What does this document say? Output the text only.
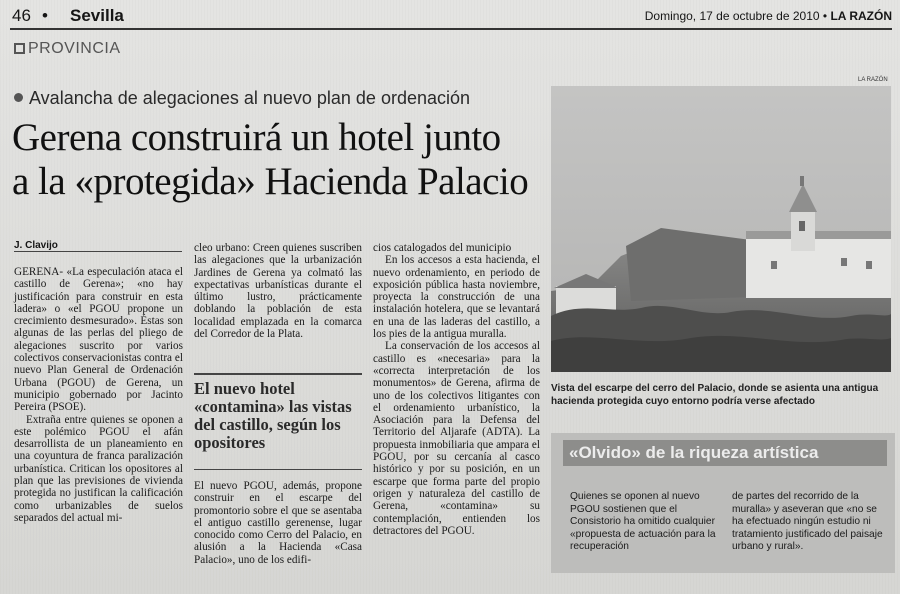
46 • Sevilla	Domingo, 17 de octubre de 2010 • LA RAZÓN
PROVINCIA
Avalancha de alegaciones al nuevo plan de ordenación
Gerena construirá un hotel junto
a la «protegida» Hacienda Palacio
J. Clavijo

GERENA- «La especulación ataca el castillo de Gerena»; «no hay justificación para construir en esta ladera» o «el PGOU propone un crecimiento desmesurado». Éstas son algunas de las perlas del pliego de alegaciones suscrito por varios colectivos conservacionistas contra el nuevo Plan General de Ordenación Urbana (PGOU) de Gerena, un municipio gobernado por Jacinto Pereira (PSOE).

Extraña entre quienes se oponen a este polémico PGOU el afán desarrollista de un planeamiento en una coyuntura de franca paralización urbanística. Critican los opositores al plan que las previsiones de vivienda protegida no justifican la calificación como urbanizables de suelos separados del actual mi-

cleo urbano: Creen quienes suscriben las alegaciones que la urbanización Jardines de Gerena ya colmató las expectativas urbanísticas durante el último lustro, prácticamente doblando la población de esta localidad emplazada en la comarca del Corredor de la Plata.

El nuevo hotel «contamina» las vistas del castillo, según los opositores

El nuevo PGOU, además, propone construir en el escarpe del promontorio sobre el que se asentaba el antiguo castillo gerenense, lugar conocido como Cerro del Palacio, en alusión a la Hacienda «Casa Palacio», uno de los edifi-

cios catalogados del municipio

En los accesos a esta hacienda, el nuevo ordenamiento, en periodo de exposición pública hasta noviembre, proyecta la construcción de una instalación hotelera, que se levantará en una de las laderas del castillo, a los pies de la antigua muralla.

La conservación de los accesos al castillo es «necesaria» para la «correcta interpretación de los monumentos» de Gerena, afirma de uno de los colectivos litigantes con el ordenamiento urbanístico, la Asociación para la Defensa del Territorio del Aljarafe (ADTA). La propuesta inmobiliaria que ampara el PGOU, por su cercanía al casco histórico y por su posición, en un escarpe que forma parte del propio origen y naturaleza del castillo de Gerena, «contamina» su contemplación, entienden los detractores del PGOU.

LA RAZÓN
Vista del escarpe del cerro del Palacio, donde se asienta una antigua hacienda protegida cuyo entorno podría verse afectado
«Olvido» de la riqueza artística
Quienes se oponen al nuevo PGOU sostienen que el Consistorio ha omitido cualquier «propuesta de actuación para la recuperación
de partes del recorrido de la muralla» y aseveran que «no se ha efectuado ningún estudio ni tratamiento justificado del paisaje urbano y rural».
